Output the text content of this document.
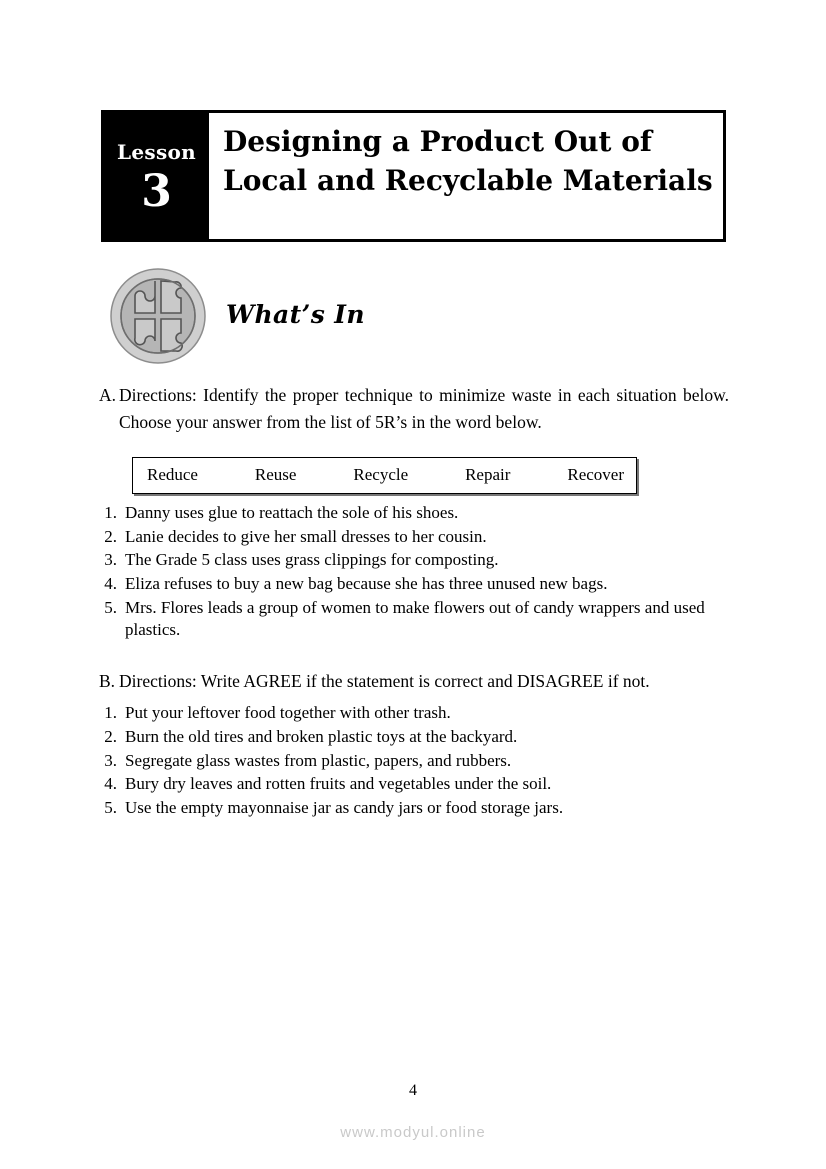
Lesson
3
Designing a Product Out of Local and Recyclable Materials
What’s In
A. Directions: Identify the proper technique to minimize waste in each situation below. Choose your answer from the list of 5R’s in the word below.
Reduce	Reuse	Recycle	Repair	Recover
1. Danny uses glue to reattach the sole of his shoes.
2. Lanie decides to give her small dresses to her cousin.
3. The Grade 5 class uses grass clippings for composting.
4. Eliza refuses to buy a new bag because she has three unused new bags.
5. Mrs. Flores leads a group of women to make flowers out of candy wrappers and used plastics.
B. Directions: Write AGREE if the statement is correct and DISAGREE if not.
1. Put your leftover food together with other trash.
2. Burn the old tires and broken plastic toys at the backyard.
3. Segregate glass wastes from plastic, papers, and rubbers.
4. Bury dry leaves and rotten fruits and vegetables under the soil.
5. Use the empty mayonnaise jar as candy jars or food storage jars.
4
www.modyul.online
